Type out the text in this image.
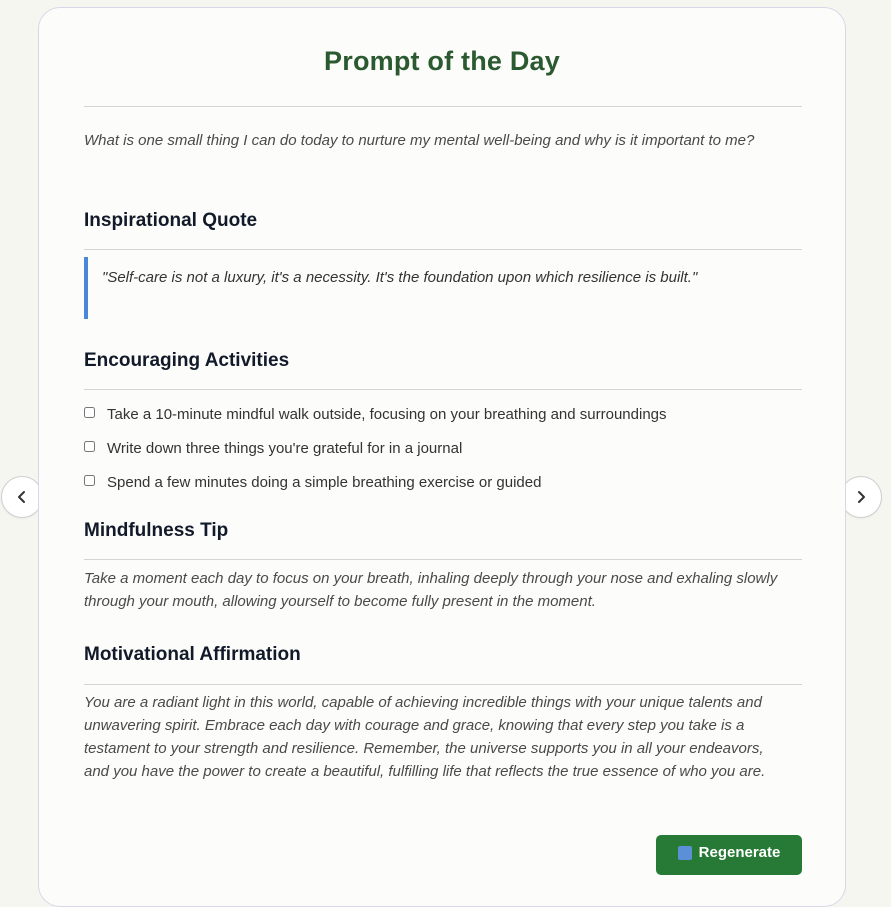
Prompt of the Day

What is one small thing I can do today to nurture my mental well-being and why is it important to me?

Inspirational Quote

"Self-care is not a luxury, it's a necessity. It's the foundation upon which resilience is built."

Encouraging Activities
Take a 10-minute mindful walk outside, focusing on your breathing and surroundings
Write down three things you're grateful for in a journal
Spend a few minutes doing a simple breathing exercise or guided
Mindfulness Tip

Take a moment each day to focus on your breath, inhaling deeply through your nose and exhaling slowly through your mouth, allowing yourself to become fully present in the moment.

Motivational Affirmation

You are a radiant light in this world, capable of achieving incredible things with your unique talents and unwavering spirit. Embrace each day with courage and grace, knowing that every step you take is a testament to your strength and resilience. Remember, the universe supports you in all your endeavors, and you have the power to create a beautiful, fulfilling life that reflects the true essence of who you are.

Regenerate
